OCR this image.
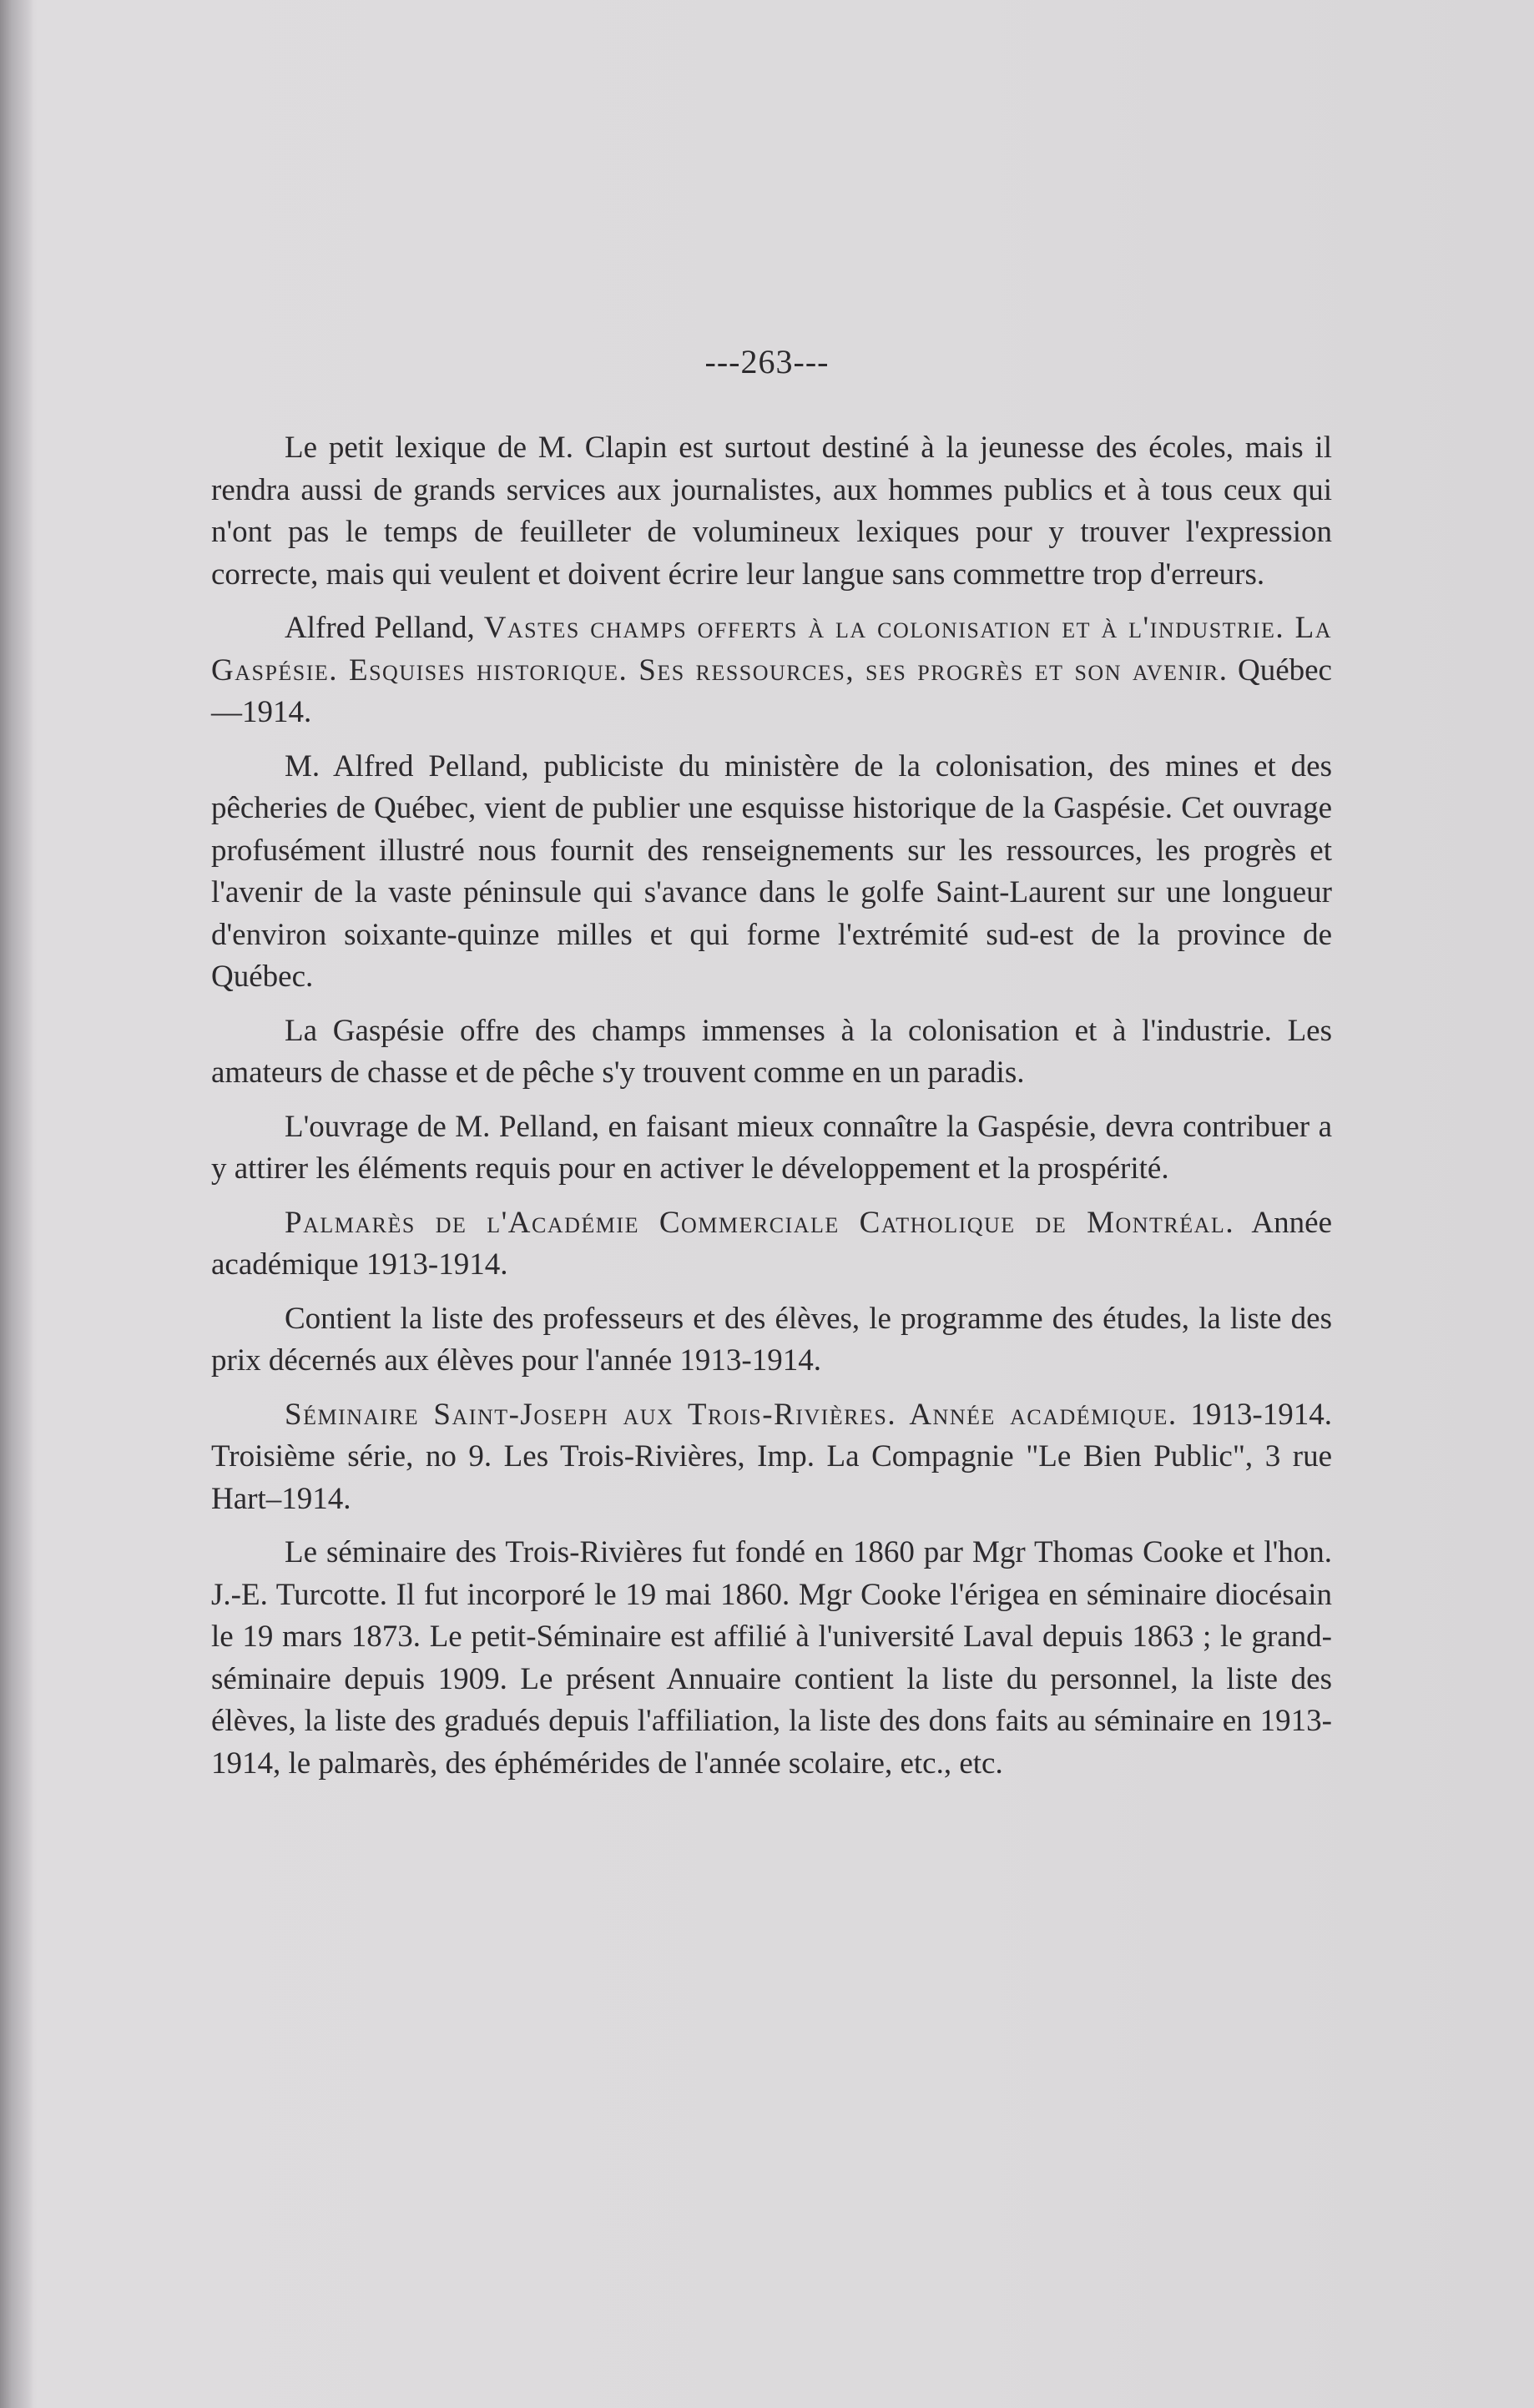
---263---

Le petit lexique de M. Clapin est surtout destiné à la jeunesse des écoles, mais il rendra aussi de grands services aux journalistes, aux hommes publics et à tous ceux qui n'ont pas le temps de feuilleter de volumineux lexiques pour y trouver l'expression correcte, mais qui veulent et doivent écrire leur langue sans commettre trop d'erreurs.

Alfred Pelland, Vastes champs offerts à la colonisation et à l'industrie. La Gaspésie. Esquises historique. Ses ressources, ses progrès et son avenir. Québec—1914.

M. Alfred Pelland, publiciste du ministère de la colonisation, des mines et des pêcheries de Québec, vient de publier une esquisse historique de la Gaspésie. Cet ouvrage profusément illustré nous fournit des renseignements sur les ressources, les progrès et l'avenir de la vaste péninsule qui s'avance dans le golfe Saint-Laurent sur une longueur d'environ soixante-quinze milles et qui forme l'extrémité sud-est de la province de Québec.

La Gaspésie offre des champs immenses à la colonisation et à l'industrie. Les amateurs de chasse et de pêche s'y trouvent comme en un paradis.

L'ouvrage de M. Pelland, en faisant mieux connaître la Gaspésie, devra contribuer a y attirer les éléments requis pour en activer le développement et la prospérité.

Palmarès de l'Académie Commerciale Catholique de Montréal. Année académique 1913-1914.

Contient la liste des professeurs et des élèves, le programme des études, la liste des prix décernés aux élèves pour l'année 1913-1914.

Séminaire Saint-Joseph aux Trois-Rivières. Année académique. 1913-1914. Troisième série, no 9. Les Trois-Rivières, Imp. La Compagnie "Le Bien Public", 3 rue Hart–1914.

Le séminaire des Trois-Rivières fut fondé en 1860 par Mgr Thomas Cooke et l'hon. J.-E. Turcotte. Il fut incorporé le 19 mai 1860. Mgr Cooke l'érigea en séminaire diocésain le 19 mars 1873. Le petit-Séminaire est affilié à l'université Laval depuis 1863 ; le grand-séminaire depuis 1909. Le présent Annuaire contient la liste du personnel, la liste des élèves, la liste des gradués depuis l'affiliation, la liste des dons faits au séminaire en 1913-1914, le palmarès, des éphémérides de l'année scolaire, etc., etc.
